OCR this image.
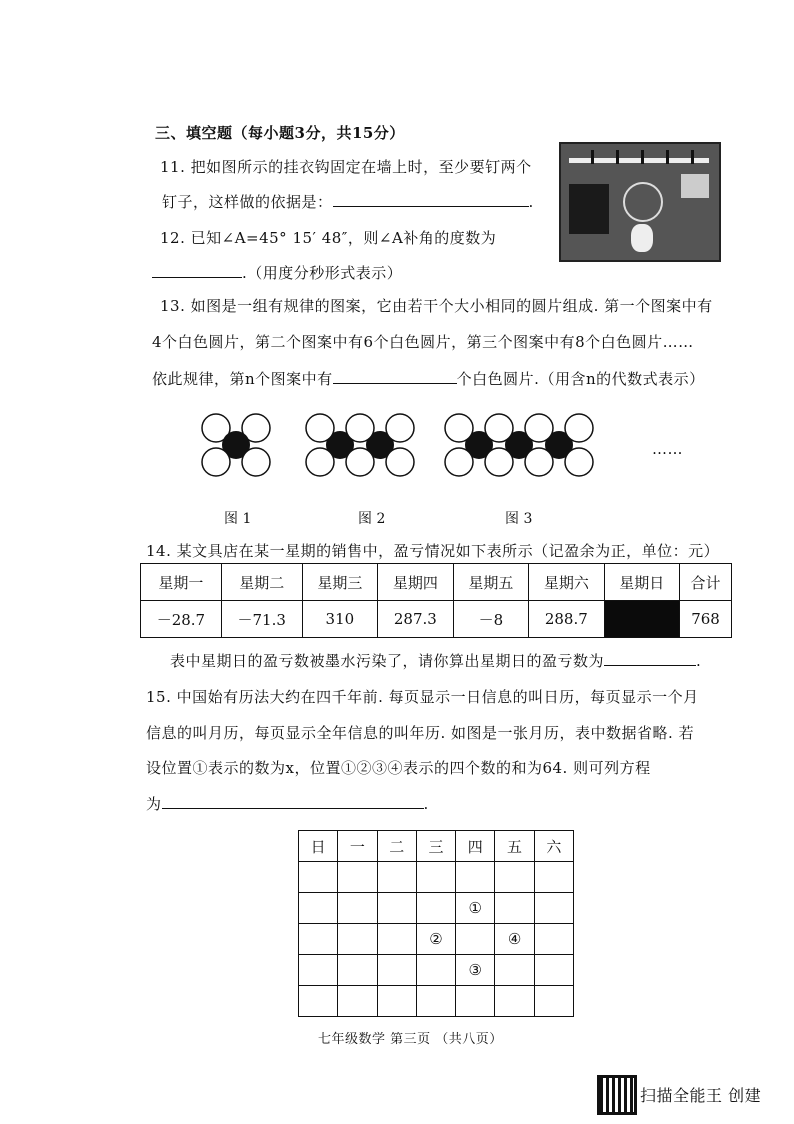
三、填空题（每小题3分，共15分）
11. 把如图所示的挂衣钩固定在墙上时，至少要钉两个
钉子，这样做的依据是：	.
12. 已知∠A=45° 15′ 48″，则∠A补角的度数为
.（用度分秒形式表示）
13. 如图是一组有规律的图案，它由若干个大小相同的圆片组成. 第一个图案中有
4个白色圆片，第二个图案中有6个白色圆片，第三个图案中有8个白色圆片……
依此规律，第n个图案中有	个白色圆片.（用含n的代数式表示）
……
图 1	图 2	图 3
14. 某文具店在某一星期的销售中，盈亏情况如下表所示（记盈余为正，单位：元）
星期一	星期二	星期三	星期四	星期五	星期六	星期日	合计
－28.7	－71.3	310	287.3	－8	288.7		768
表中星期日的盈亏数被墨水污染了，请你算出星期日的盈亏数为	.
15. 中国始有历法大约在四千年前. 每页显示一日信息的叫日历，每页显示一个月
信息的叫月历，每页显示全年信息的叫年历. 如图是一张月历，表中数据省略. 若
设位置①表示的数为x，位置①②③④表示的四个数的和为64. 则可列方程
为	.
日	一	二	三	四	五	六

				①		
			②		④	
				③		

七年级数学 第三页 （共八页）
扫描全能王 创建
